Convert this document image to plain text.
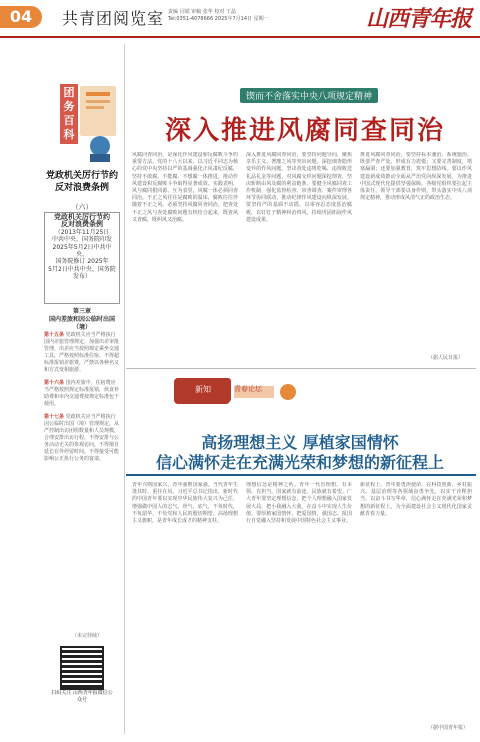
04	共青团阅览室 责编 闫娟 审稿 张华 校对 王晶
Tel:0351-4078666 2025年7月14日 星期一	山西青年报
团务百科
党政机关厉行节约反对浪费条例
（六）
党政机关厉行节约
反对浪费条例
（2013年11月25日
中共中央、国务院印发
2025年5月2日中共中央、
国务院修订 2025年
5月2日中共中央、国务院发布）
第三章
国内差旅和因公临时出国（境）
第十五条 党政机关应当严格执行国内差旅管理规定，加强出差审批管理，出差应当按照规定乘坐交通工具，严格按照标准住宿，不得超标准报销差旅费，严禁以各种名义和方式变相旅游。
第十六条 国内差旅中，住宿费应当严格按照规定标准报销，伙食补助费和市内交通费按规定标准包干使用。
第十七条 党政机关应当严格执行因公临时出国（境）管理规定，从严控制出访团组数量和人员规模，合理安排出访行程，不得安排与公务活动无关的参观访问，不得擅自延长在外停留时间，不得接受可能影响公正执行公务的宴请。
（未完待续）
扫码关注 山西青年报微信公众号
锲而不舍落实中央八项规定精神
深入推进风腐同查同治
风腐同查同治，是深化作风建设和反腐败斗争的重要方法。党的十八大以来，以习近平同志为核心的党中央坚持以严的基调强化正风肃纪反腐，坚持不敢腐、不能腐、不想腐一体推进，推动作风建设和反腐败斗争取得显著成效。实践表明，风与腐同根同源、互为表里，风腐一体必须同查同治。不正之风往往是腐败的温床，腐败往往伴随着不正之风。必须坚持风腐同查同治，把查处不正之风与查处腐败问题有机结合起来，既查风又查腐，既纠风又治腐。
深入推进风腐同查同治，要坚持问题导向，聚焦享乐主义、奢靡之风等突出问题，深挖细查隐形变异的作风问题，坚决查处违规吃喝、违规收送礼品礼金等问题，对风腐交织问题深挖彻查，坚决斩断由风及腐的利益链条。要健全风腐同查工作机制，强化监督检查、审查调查、案件审理各环节协同联动，推动纪律作风建设向纵深发展。要坚持严的基调不动摇，以零容忍态度惩治腐败，以钉钉子精神纠治四风，持续巩固拓展作风建设成果。
推进风腐同查同治，要坚持标本兼治、系统施治。既要严查严处，形成有力震慑；又要完善制度，堵塞漏洞；还要加强教育，筑牢思想防线。要以作风建设新成效推动全面从严治党向纵深发展，为推进中国式现代化提供坚强保障。各级党组织要扛起主体责任，领导干部要以身作则，带头落实中央八项规定精神，推动形成风清气正的政治生态。
（据人民日报）
新知	青春论坛
高扬理想主义 厚植家国情怀
信心满怀走在充满光荣和梦想的新征程上
青年兴则国家兴，青年强则国家强。当代青年生逢其时，重任在肩。习近平总书记指出，新时代的中国青年要以实现中华民族伟大复兴为己任，增强做中国人的志气、骨气、底气，不负时代，不负韶华，不负党和人民的殷切期望。高扬理想主义旗帜，是青年成长成才的精神支柱。
理想信念是精神之钙。青年一代有理想、有本领、有担当，国家就有前途，民族就有希望。广大青年要坚定理想信念，把个人理想融入国家发展大局，把小我融入大我，在奋斗中实现人生价值。要厚植家国情怀，把爱国情、强国志、报国行自觉融入坚持和发展中国特色社会主义事业。
新征程上，青年要勇担使命，在科技创新、乡村振兴、基层治理等各领域奋勇争先，以实干诠释担当，以奋斗书写华章，信心满怀走在充满光荣和梦想的新征程上，为全面建设社会主义现代化国家贡献青春力量。
（据中国青年报）
